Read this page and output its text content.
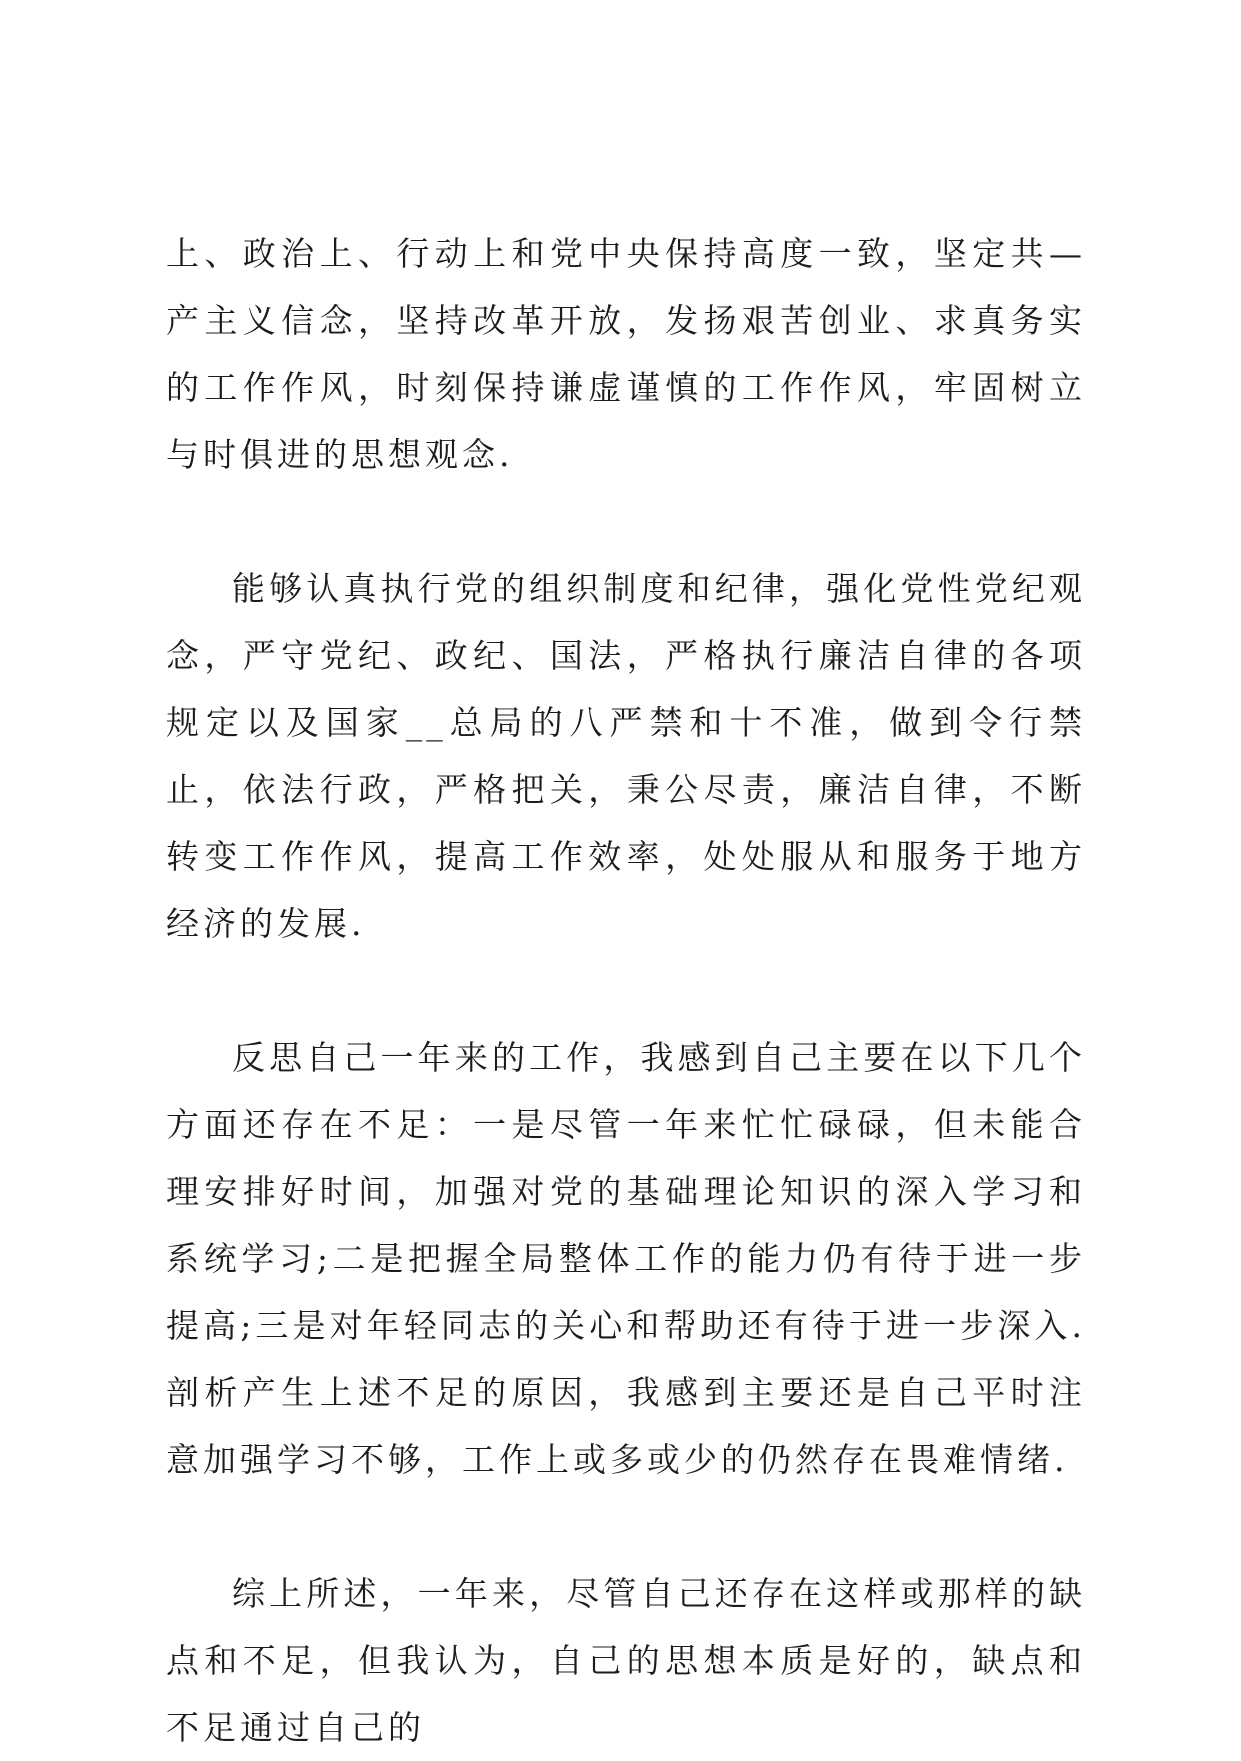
上、政治上、行动上和党中央保持高度一致，坚定共—产主义信念，坚持改革开放，发扬艰苦创业、求真务实的工作作风，时刻保持谦虚谨慎的工作作风，牢固树立与时俱进的思想观念.

能够认真执行党的组织制度和纪律，强化党性党纪观念，严守党纪、政纪、国法，严格执行廉洁自律的各项规定以及国家__总局的八严禁和十不准，做到令行禁止，依法行政，严格把关，秉公尽责，廉洁自律，不断转变工作作风，提高工作效率，处处服从和服务于地方经济的发展.

反思自己一年来的工作，我感到自己主要在以下几个方面还存在不足：一是尽管一年来忙忙碌碌，但未能合理安排好时间，加强对党的基础理论知识的深入学习和系统学习;二是把握全局整体工作的能力仍有待于进一步提高;三是对年轻同志的关心和帮助还有待于进一步深入. 剖析产生上述不足的原因，我感到主要还是自己平时注意加强学习不够，工作上或多或少的仍然存在畏难情绪.

综上所述，一年来，尽管自己还存在这样或那样的缺点和不足，但我认为，自己的思想本质是好的，缺点和不足通过自己的
